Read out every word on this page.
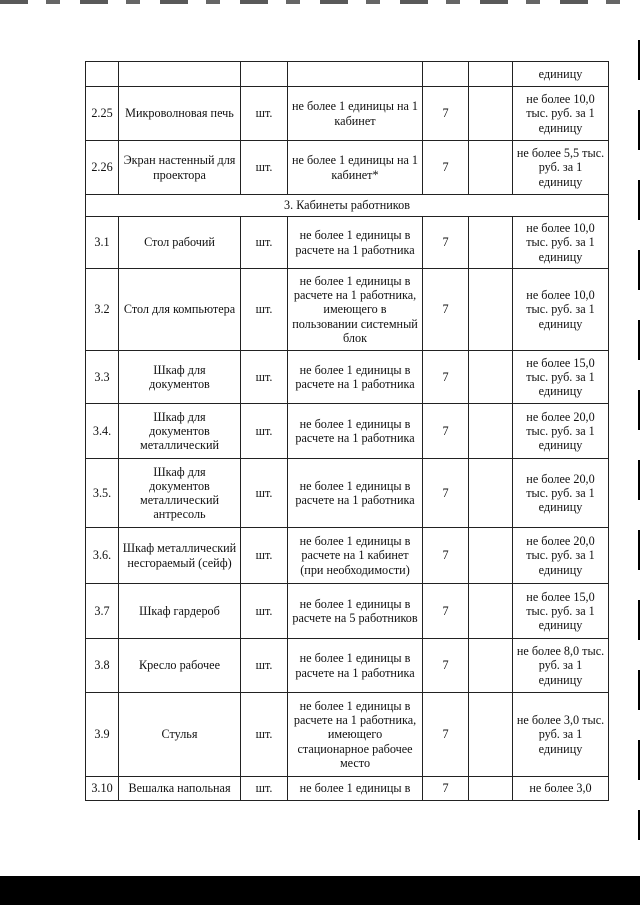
						единицу
2.25	Микроволновая печь	шт.	не более 1 единицы на 1 кабинет	7		не более 10,0 тыс. руб. за 1 единицу
2.26	Экран настенный для проектора	шт.	не более 1 единицы на 1 кабинет*	7		не более 5,5 тыс. руб. за 1 единицу
3. Кабинеты работников						
3.1	Стол рабочий	шт.	не более 1 единицы в расчете на 1 работника	7		не более 10,0 тыс. руб. за 1 единицу
3.2	Стол для компьютера	шт.	не более 1 единицы в расчете на 1 работника, имеющего в пользовании системный блок	7		не более 10,0 тыс. руб. за 1 единицу
3.3	Шкаф для документов	шт.	не более 1 единицы в расчете на 1 работника	7		не более 15,0 тыс. руб. за 1 единицу
3.4.	Шкаф для документов металлический	шт.	не более 1 единицы в расчете на 1 работника	7		не более 20,0 тыс. руб. за 1 единицу
3.5.	Шкаф для документов металлический антресоль	шт.	не более 1 единицы в расчете на 1 работника	7		не более 20,0 тыс. руб. за 1 единицу
3.6.	Шкаф металлический несгораемый (сейф)	шт.	не более 1 единицы в расчете на 1 кабинет (при необходимости)	7		не более 20,0 тыс. руб. за 1 единицу
3.7	Шкаф гардероб	шт.	не более 1 единицы в расчете на 5 работников	7		не более 15,0 тыс. руб. за 1 единицу
3.8	Кресло рабочее	шт.	не более 1 единицы в расчете на 1 работника	7		не более 8,0 тыс. руб. за 1 единицу
3.9	Стулья	шт.	не более 1 единицы в расчете на 1 работника, имеющего стационарное рабочее место	7		не более 3,0 тыс. руб. за 1 единицу
3.10	Вешалка напольная	шт.	не более 1 единицы в	7		не более 3,0
